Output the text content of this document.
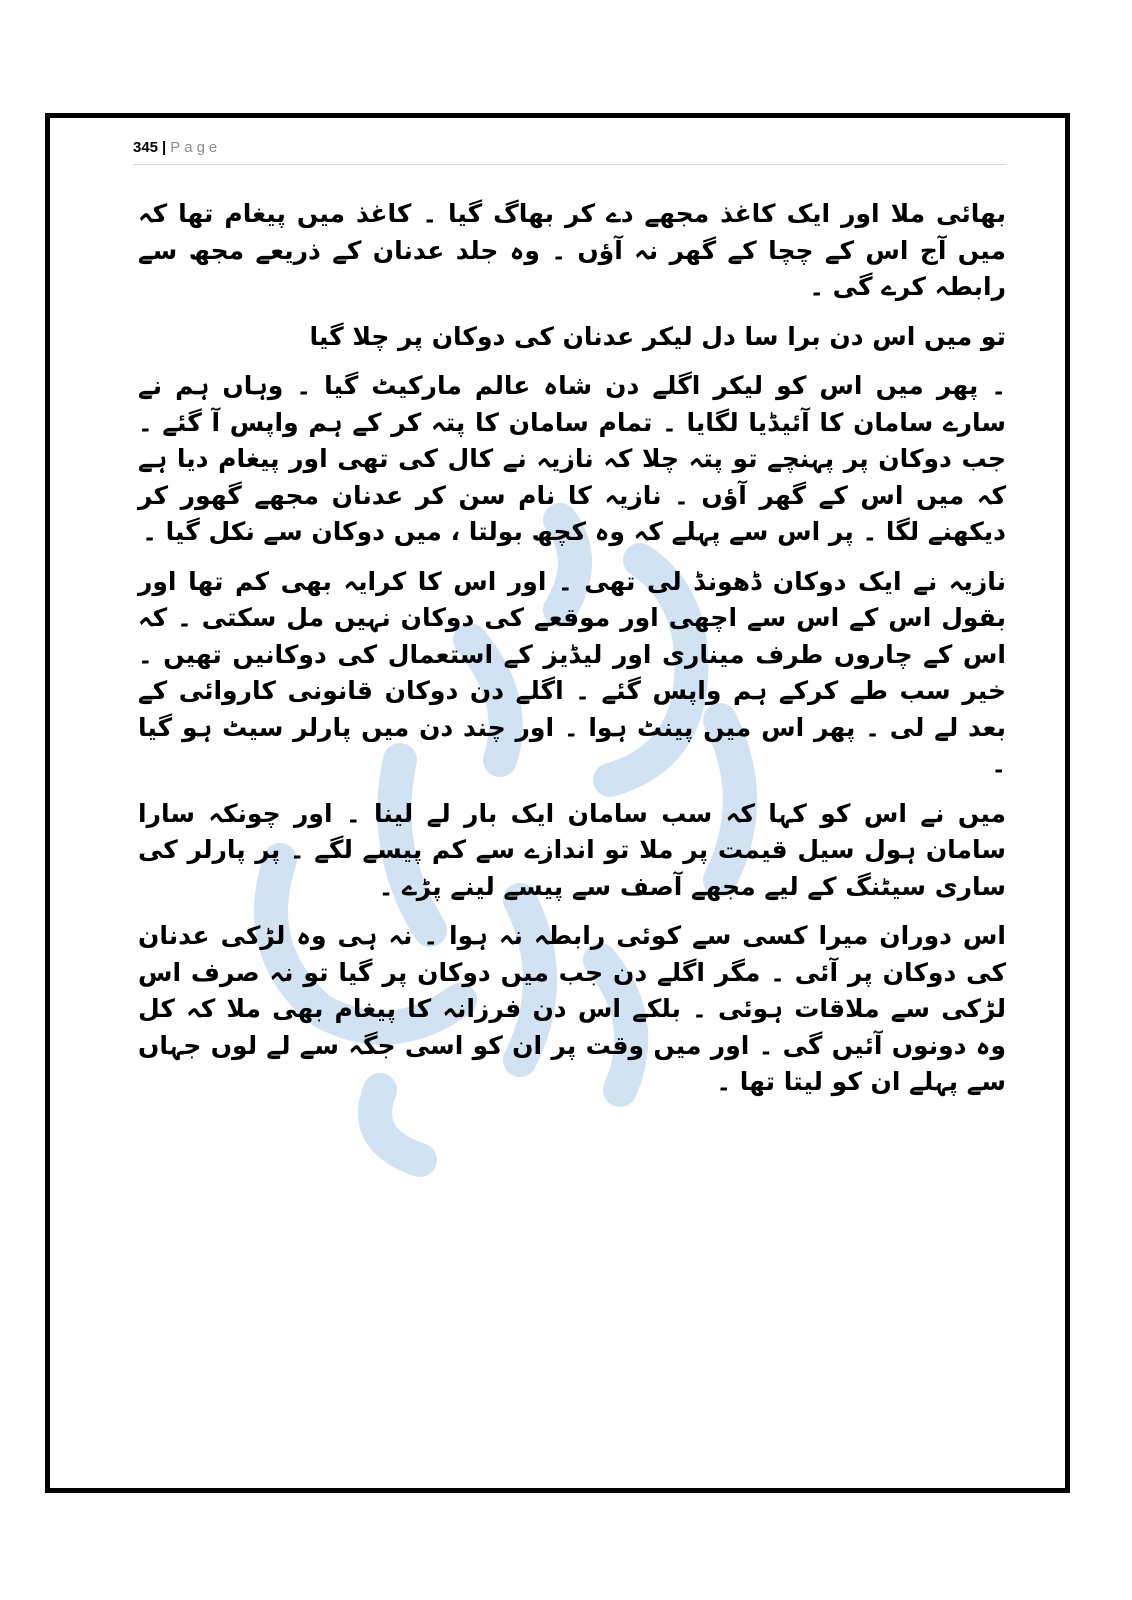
345 | Page

بھائی ملا اور ایک کاغذ مجھے دے کر بھاگ گیا ۔ کاغذ میں پیغام تھا کہ میں آج اس کے چچا کے گھر نہ آؤں ۔ وہ جلد عدنان کے ذریعے مجھ سے رابطہ کرے گی ۔

تو میں اس دن برا سا دل لیکر عدنان کی دوکان پر چلا گیا

۔ پھر میں اس کو لیکر اگلے دن شاہ عالم مارکیٹ گیا ۔ وہاں ہم نے سارے سامان کا آئیڈیا لگایا ۔ تمام سامان کا پتہ کر کے ہم واپس آ گئے ۔ جب دوکان پر پہنچے تو پتہ چلا کہ نازیہ نے کال کی تھی اور پیغام دیا ہے کہ میں اس کے گھر آؤں ۔ نازیہ کا نام سن کر عدنان مجھے گھور کر دیکھنے لگا ۔ پر اس سے پہلے کہ وہ کچھ بولتا ، میں دوکان سے نکل گیا ۔

نازیہ نے ایک دوکان ڈھونڈ لی تھی ۔ اور اس کا کرایہ بھی کم تھا اور بقول اس کے اس سے اچھی اور موقعے کی دوکان نہیں مل سکتی ۔ کہ اس کے چاروں طرف میناری اور لیڈیز کے استعمال کی دوکانیں تھیں ۔ خیر سب طے کرکے ہم واپس گئے ۔ اگلے دن دوکان قانونی کاروائی کے بعد لے لی ۔ پھر اس میں پینٹ ہوا ۔ اور چند دن میں پارلر سیٹ ہو گیا ۔

میں نے اس کو کہا کہ سب سامان ایک بار لے لینا ۔ اور چونکہ سارا سامان ہول سیل قیمت پر ملا تو اندازے سے کم پیسے لگے ۔ پر پارلر کی ساری سیٹنگ کے لیے مجھے آصف سے پیسے لینے پڑے ۔

اس دوران میرا کسی سے کوئی رابطہ نہ ہوا ۔ نہ ہی وہ لڑکی عدنان کی دوکان پر آئی ۔ مگر اگلے دن جب میں دوکان پر گیا تو نہ صرف اس لڑکی سے ملاقات ہوئی ۔ بلکے اس دن فرزانہ کا پیغام بھی ملا کہ کل وہ دونوں آئیں گی ۔ اور میں وقت پر ان کو اسی جگہ سے لے لوں جہاں سے پہلے ان کو لیتا تھا ۔
